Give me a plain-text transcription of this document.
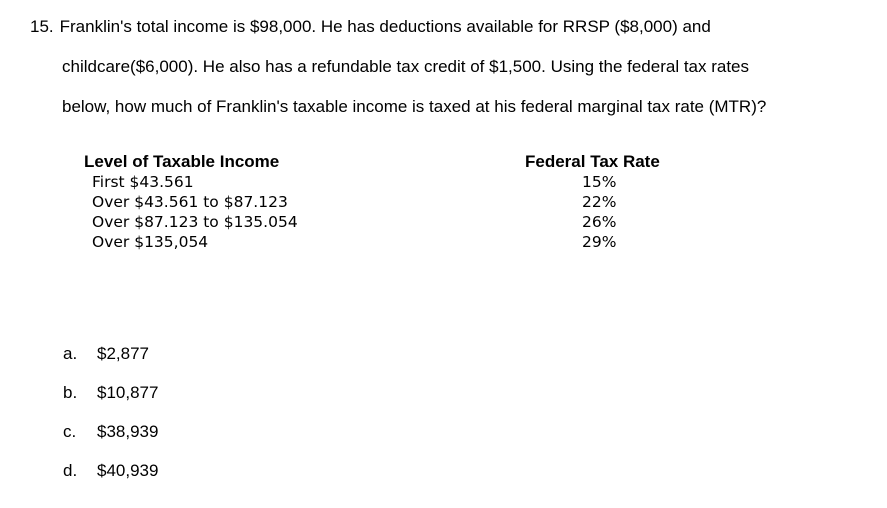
15. Franklin's total income is $98,000. He has deductions available for RRSP ($8,000) and
childcare($6,000). He also has a refundable tax credit of $1,500. Using the federal tax rates
below, how much of Franklin's taxable income is taxed at his federal marginal tax rate (MTR)?
Level of Taxable Income	Federal Tax Rate
First $43.561
Over $43.561 to $87.123
Over $87.123 to $135.054
Over $135,054
15%
22%
26%
29%
a. $2,877
b. $10,877
c. $38,939
d. $40,939
